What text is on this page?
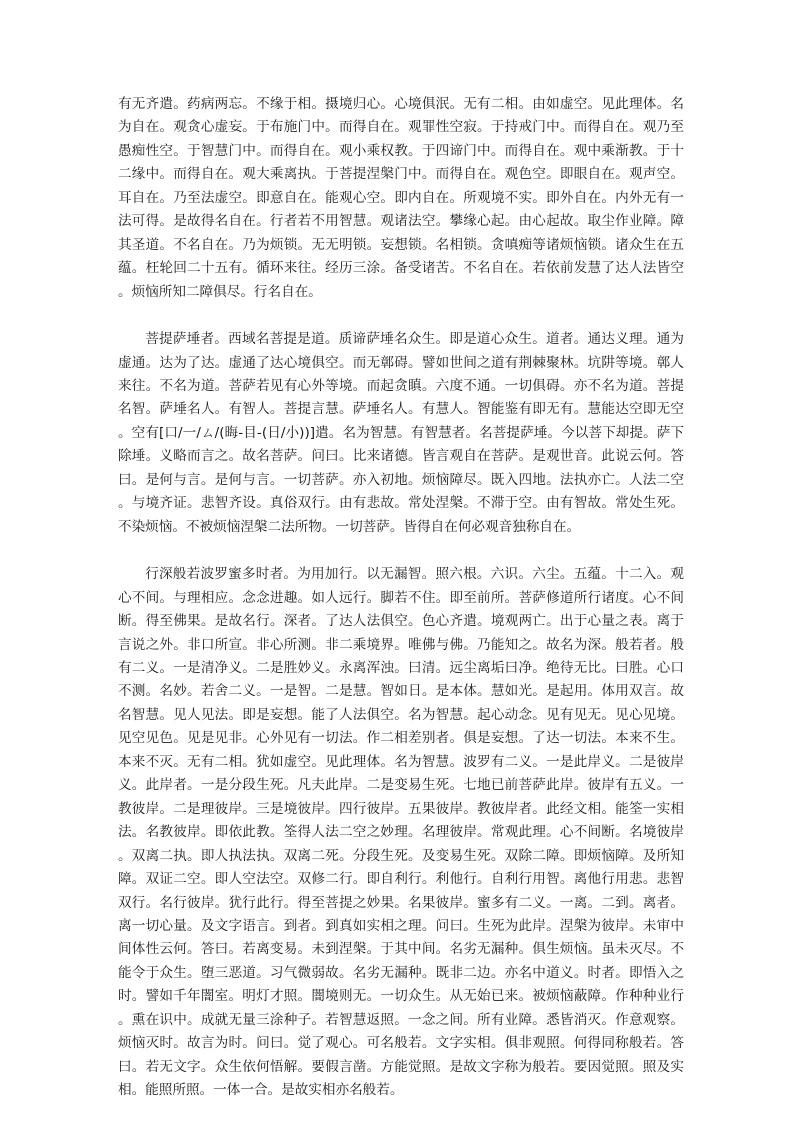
有无齐遣。药病两忘。不缘于相。摄境归心。心境俱泯。无有二相。由如虚空。见此理体。名为自在。观贪心虚妄。于布施门中。而得自在。观罪性空寂。于持戒门中。而得自在。观乃至愚痴性空。于智慧门中。而得自在。观小乘权教。于四谛门中。而得自在。观中乘渐教。于十二缘中。而得自在。观大乘离执。于菩提涅槃门中。而得自在。观色空。即眼自在。观声空。耳自在。乃至法虚空。即意自在。能观心空。即内自在。所观境不实。即外自在。内外无有一法可得。是故得名自在。行者若不用智慧。观诸法空。攀缘心起。由心起故。取尘作业障。障其圣道。不名自在。乃为烦锁。无无明锁。妄想锁。名相锁。贪嗔痴等诸烦恼锁。诸众生在五蕴。枉轮回二十五有。循环来往。经历三涂。备受诸苦。不名自在。若依前发慧了达人法皆空。烦恼所知二障俱尽。行名自在。

菩提萨埵者。西域名菩提是道。质谛萨埵名众生。即是道心众生。道者。通达义理。通为虚通。达为了达。虚通了达心境俱空。而无鄣碍。譬如世间之道有荆棘聚林。坑阱等境。鄣人来往。不名为道。菩萨若见有心外等境。而起贪瞋。六度不通。一切俱碍。亦不名为道。菩提名智。萨埵名人。有智人。菩提言慧。萨埵名人。有慧人。智能鉴有即无有。慧能达空即无空。空有[口/一/ㄙ/(晦-目-(日/小))]遣。名为智慧。有智慧者。名菩提萨埵。今以菩下却提。萨下除埵。义略而言之。故名菩萨。问曰。比来诸德。皆言观自在菩萨。是观世音。此说云何。答曰。是何与言。是何与言。一切菩萨。亦入初地。烦恼障尽。既入四地。法执亦亡。人法二空。与境齐证。悲智齐设。真俗双行。由有悲故。常处涅槃。不滞于空。由有智故。常处生死。不染烦恼。不被烦恼涅槃二法所物。一切菩萨。皆得自在何必观音独称自在。

行深般若波罗蜜多时者。为用加行。以无漏智。照六根。六识。六尘。五蕴。十二入。观心不间。与理相应。念念进趣。如人远行。脚若不住。即至前所。菩萨修道所行诸度。心不间断。得至佛果。是故名行。深者。了达人法俱空。色心齐遣。境观两亡。出于心量之表。离于言说之外。非口所宣。非心所测。非二乘境界。唯佛与佛。乃能知之。故名为深。般若者。般有二义。一是清净义。二是胜妙义。永离浑浊。曰清。远尘离垢曰净。绝待无比。曰胜。心口不测。名妙。若舍二义。一是智。二是慧。智如日。是本体。慧如光。是起用。体用双言。故名智慧。见人见法。即是妄想。能了人法俱空。名为智慧。起心动念。见有见无。见心见境。见空见色。见是见非。心外见有一切法。作二相差别者。俱是妄想。了达一切法。本来不生。本来不灭。无有二相。犹如虚空。见此理体。名为智慧。波罗有二义。一是此岸义。二是彼岸义。此岸者。一是分段生死。凡夫此岸。二是变易生死。七地已前菩萨此岸。彼岸有五义。一教彼岸。二是理彼岸。三是境彼岸。四行彼岸。五果彼岸。教彼岸者。此经文相。能筌一实相法。名教彼岸。即依此教。筌得人法二空之妙理。名理彼岸。常观此理。心不间断。名境彼岸。双离二执。即人执法执。双离二死。分段生死。及变易生死。双除二障。即烦恼障。及所知障。双证二空。即人空法空。双修二行。即自利行。利他行。自利行用智。离他行用悲。悲智双行。名行彼岸。犹行此行。得至菩提之妙果。名果彼岸。蜜多有二义。一离。二到。离者。离一切心量。及文字语言。到者。到真如实相之理。问曰。生死为此岸。涅槃为彼岸。未审中间体性云何。答曰。若离变易。未到涅槃。于其中间。名劣无漏种。俱生烦恼。虽未灭尽。不能令于众生。堕三恶道。习气微弱故。名劣无漏种。既非二边。亦名中道义。时者。即悟入之时。譬如千年闇室。明灯才照。闇境则无。一切众生。从无始已来。被烦恼蔽障。作种种业行。熏在识中。成就无量三涂种子。若智慧返照。一念之间。所有业障。悉皆消灭。作意观察。烦恼灭时。故言为时。问曰。觉了观心。可名般若。文字实相。俱非观照。何得同称般若。答曰。若无文字。众生依何悟解。要假言凿。方能觉照。是故文字称为般若。要因觉照。照及实相。能照所照。一体一合。是故实相亦名般若。
